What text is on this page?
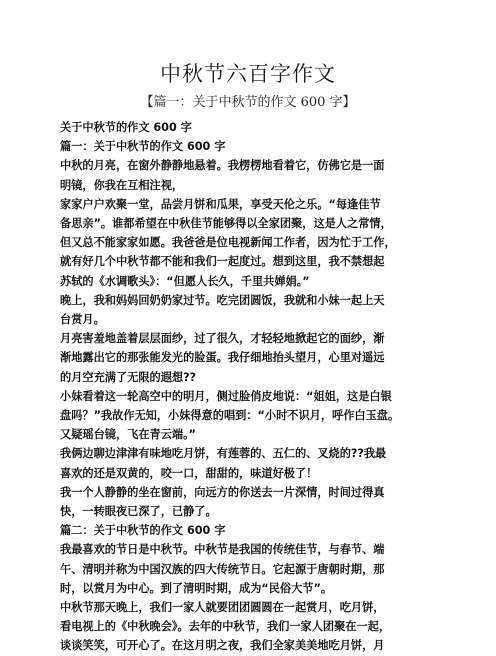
中秋节六百字作文
【篇一：关于中秋节的作文 600 字】

关于中秋节的作文 600 字

篇一：关于中秋节的作文 600 字

中秋的月亮，在窗外静静地悬着。我楞楞地看着它，仿佛它是一面

明镜，你我在互相注视，

家家户户欢聚一堂，品尝月饼和瓜果，享受天伦之乐。“每逢佳节

备思亲”。谁都希望在中秋佳节能够得以全家团聚，这是人之常情，

但又总不能家家如愿。我爸爸是位电视新闻工作者，因为忙于工作，

就有好几个中秋节都不能和我们一起度过。想到这里，我不禁想起

苏轼的《水调歌头》：“但愿人长久，千里共婵娟。”

晚上，我和妈妈回奶奶家过节。吃完团圆饭，我就和小妹一起上天

台赏月。

月亮害羞地盖着层层面纱，过了很久，才轻轻地掀起它的面纱，渐

渐地露出它的那张能发光的脸蛋。我仔细地抬头望月，心里对遥远

的月空充满了无限的遐想??

小妹看着这一轮高空中的明月，侧过脸俏皮地说：“姐姐，这是白银

盘吗？”我故作无知，小妹得意的唱到：“小时不识月，呼作白玉盘。

又疑瑶台镜，飞在青云端。”

我俩边聊边津津有味地吃月饼，有莲蓉的、五仁的、叉烧的??我最

喜欢的还是双黄的，咬一口，甜甜的，味道好极了！

我一个人静静的坐在窗前，向远方的你送去一片深情，时间过得真

快，一转眼夜已深了，已静了。

篇二：关于中秋节的作文 600 字

我最喜欢的节日是中秋节。中秋节是我国的传统佳节，与春节、端

午、清明并称为中国汉族的四大传统节日。它起源于唐朝时期，那

时，以赏月为中心。到了清明时期，成为“民俗大节”。

中秋节那天晚上，我们一家人就要团团圆圆在一起赏月，吃月饼，

看电视上的《中秋晚会》。去年的中秋节，我们一家人团聚在一起，

谈谈笑笑，可开心了。在这月明之夜，我们全家美美地吃月饼，月
